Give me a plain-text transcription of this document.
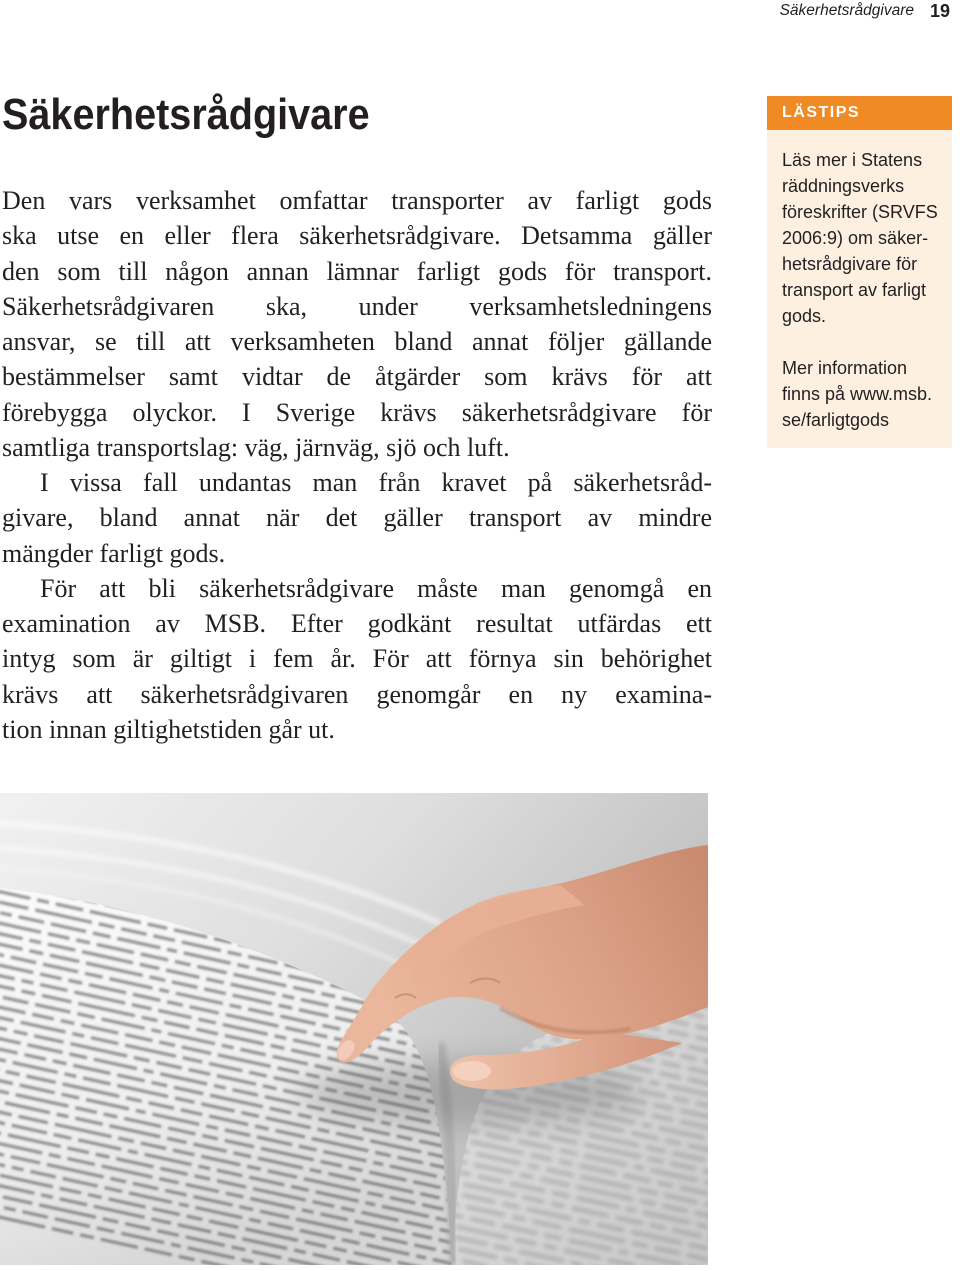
Säkerhetsrådgivare 19
Säkerhetsrådgivare
Den vars verksamhet omfattar transporter av farligt gods
ska utse en eller flera säkerhetsrådgivare. Detsamma gäller
den som till någon annan lämnar farligt gods för transport.
Säkerhetsrådgivaren ska, under verksamhetsledningens
ansvar, se till att verksamheten bland annat följer gällande
bestämmelser samt vidtar de åtgärder som krävs för att
förebygga olyckor. I Sverige krävs säkerhetsrådgivare för
samtliga transportslag: väg, järnväg, sjö och luft.
I vissa fall undantas man från kravet på säkerhetsråd-
givare, bland annat när det gäller transport av mindre
mängder farligt gods.
För att bli säkerhetsrådgivare måste man genomgå en
examination av MSB. Efter godkänt resultat utfärdas ett
intyg som är giltigt i fem år. För att förnya sin behörighet
krävs att säkerhetsrådgivaren genomgår en ny examina-
tion innan giltighetstiden går ut.
LÄSTIPS
Läs mer i Statens
räddningsverks
föreskrifter (SRVFS
2006:9) om säker-
hetsrådgivare för
transport av farligt
gods.
Mer information
finns på www.msb.
se/farligtgods
